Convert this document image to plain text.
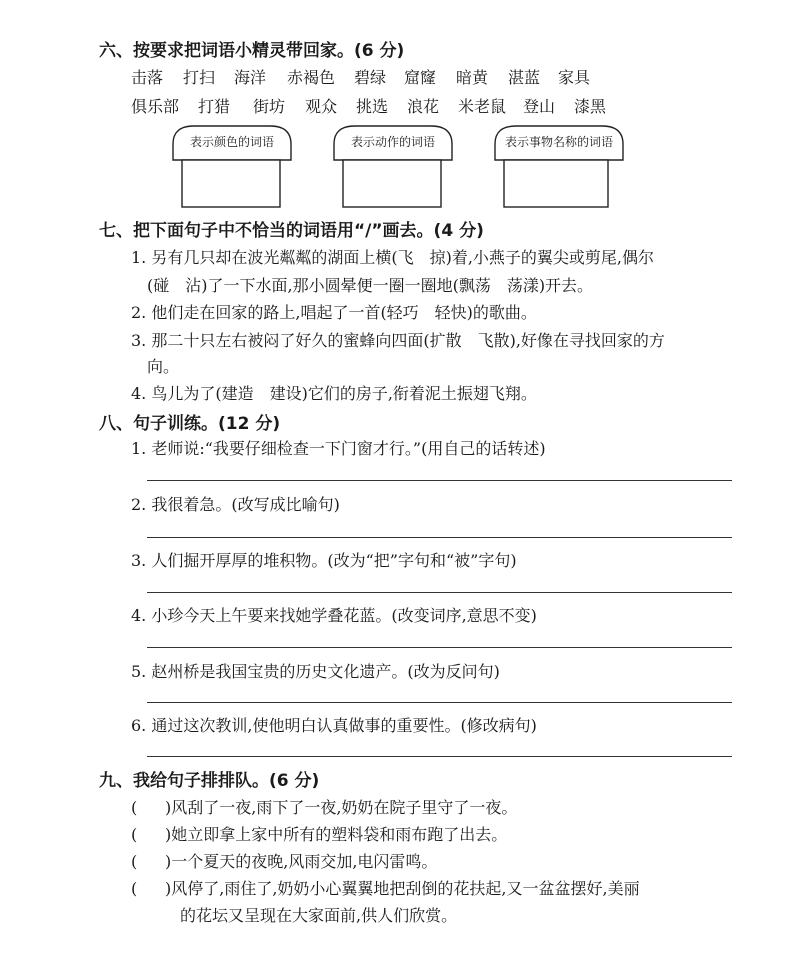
六、按要求把词语小精灵带回家。(6 分)
击落 打扫 海洋 赤褐色 碧绿 窟窿 暗黄 湛蓝 家具
俱乐部 打猎 街坊 观众 挑选 浪花 米老鼠 登山 漆黑
表示颜色的词语	表示动作的词语	表示事物名称的词语
七、把下面句子中不恰当的词语用“/”画去。(4 分)
1. 另有几只却在波光粼粼的湖面上横(飞　掠)着,小燕子的翼尖或剪尾,偶尔
(碰　沾)了一下水面,那小圆晕便一圈一圈地(飘荡　荡漾)开去。
2. 他们走在回家的路上,唱起了一首(轻巧　轻快)的歌曲。
3. 那二十只左右被闷了好久的蜜蜂向四面(扩散　飞散),好像在寻找回家的方
向。
4. 鸟儿为了(建造　建设)它们的房子,衔着泥土振翅飞翔。
八、句子训练。(12 分)
1. 老师说:“我要仔细检查一下门窗才行。”(用自己的话转述)
2. 我很着急。(改写成比喻句)
3. 人们掘开厚厚的堆积物。(改为“把”字句和“被”字句)
4. 小珍今天上午要来找她学叠花蓝。(改变词序,意思不变)
5. 赵州桥是我国宝贵的历史文化遗产。(改为反问句)
6. 通过这次教训,使他明白认真做事的重要性。(修改病句)
九、我给句子排排队。(6 分)
( )风刮了一夜,雨下了一夜,奶奶在院子里守了一夜。
( )她立即拿上家中所有的塑料袋和雨布跑了出去。
( )一个夏天的夜晚,风雨交加,电闪雷鸣。
( )风停了,雨住了,奶奶小心翼翼地把刮倒的花扶起,又一盆盆摆好,美丽
的花坛又呈现在大家面前,供人们欣赏。
